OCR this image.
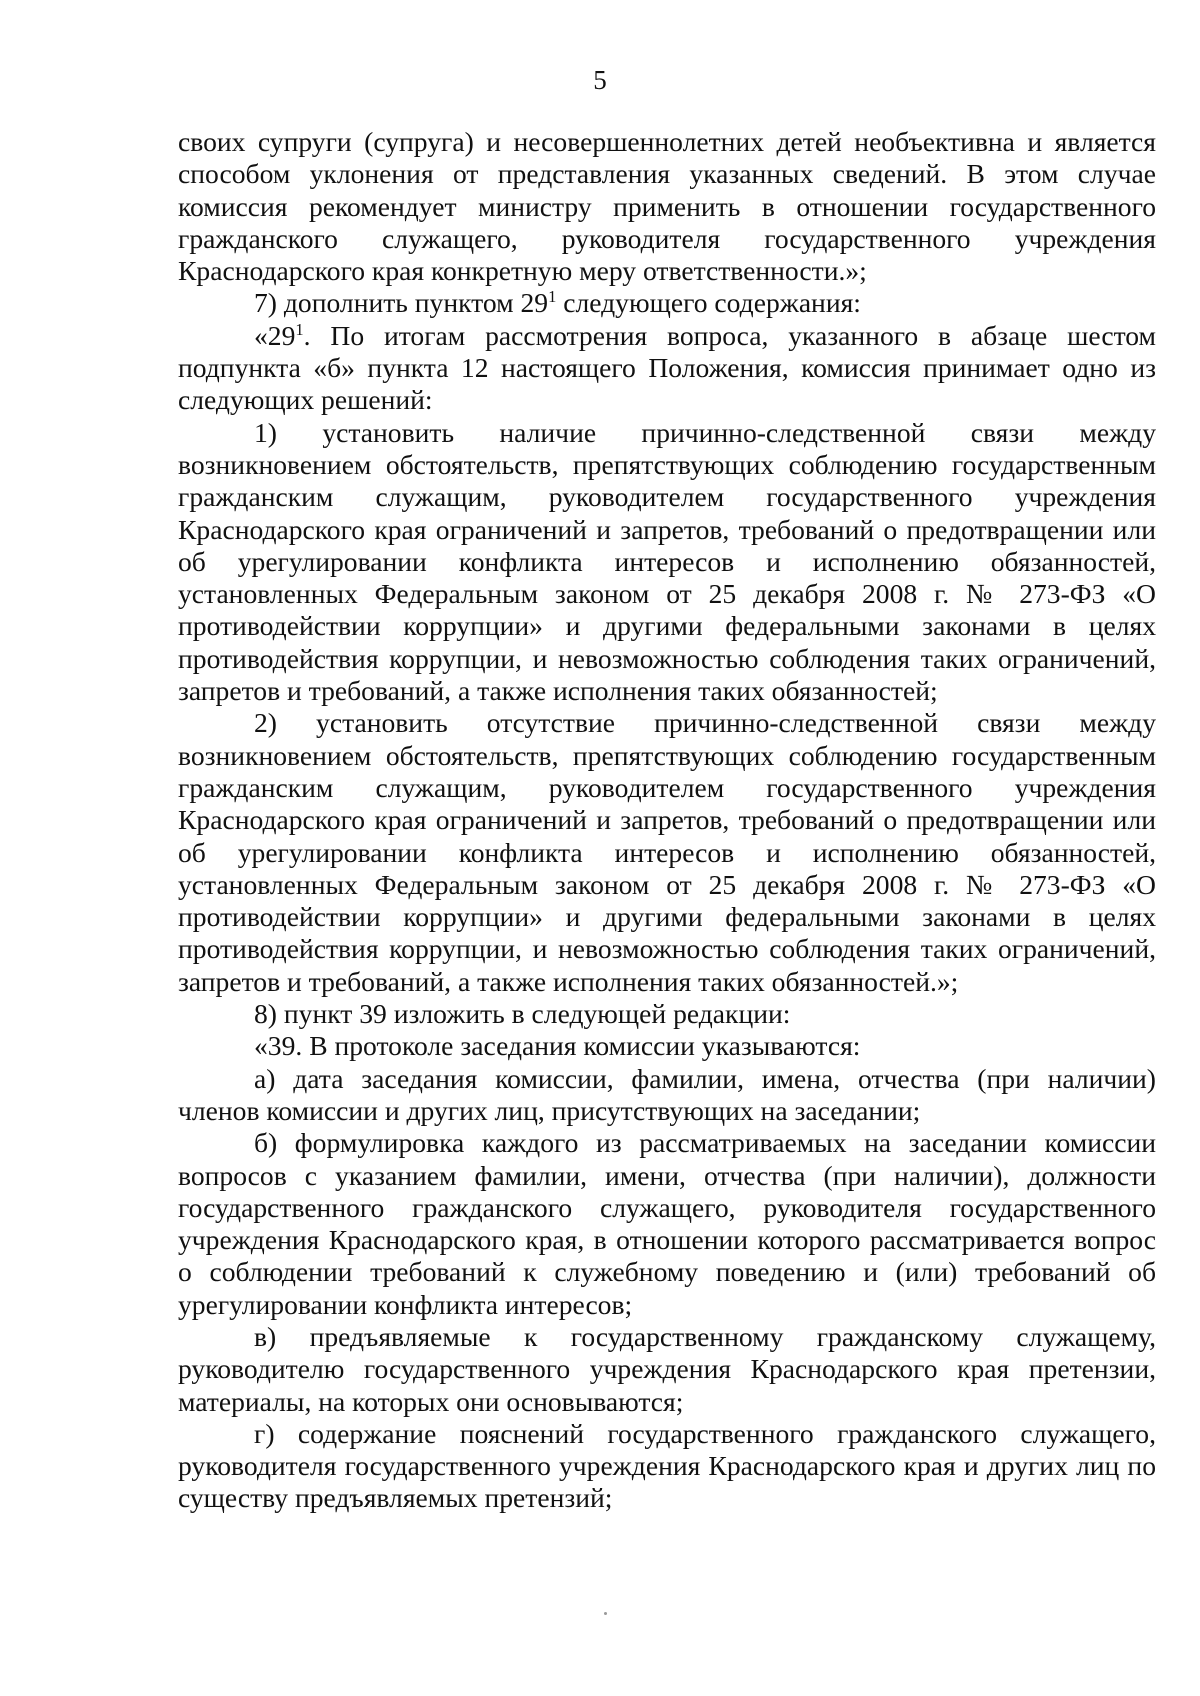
5

своих супруги (супруга) и несовершеннолетних детей необъективна и является способом уклонения от представления указанных сведений. В этом случае комиссия рекомендует министру применить в отношении государственного гражданского служащего, руководителя государственного учреждения Краснодарского края конкретную меру ответственности.»;

7) дополнить пунктом $29^1$ следующего содержания:

«$29^1$. По итогам рассмотрения вопроса, указанного в абзаце шестом подпункта «б» пункта 12 настоящего Положения, комиссия принимает одно из следующих решений:

1) установить наличие причинно-следственной связи между возникновением обстоятельств, препятствующих соблюдению государственным гражданским служащим, руководителем государственного учреждения Краснодарского края ограничений и запретов, требований о предотвращении или об урегулировании конфликта интересов и исполнению обязанностей, установленных Федеральным законом от 25 декабря 2008 г. № 273-ФЗ «О противодействии коррупции» и другими федеральными законами в целях противодействия коррупции, и невозможностью соблюдения таких ограничений, запретов и требований, а также исполнения таких обязанностей;

2) установить отсутствие причинно-следственной связи между возникновением обстоятельств, препятствующих соблюдению государственным гражданским служащим, руководителем государственного учреждения Краснодарского края ограничений и запретов, требований о предотвращении или об урегулировании конфликта интересов и исполнению обязанностей, установленных Федеральным законом от 25 декабря 2008 г. № 273-ФЗ «О противодействии коррупции» и другими федеральными законами в целях противодействия коррупции, и невозможностью соблюдения таких ограничений, запретов и требований, а также исполнения таких обязанностей.»;

8) пункт 39 изложить в следующей редакции:

«39. В протоколе заседания комиссии указываются:

а) дата заседания комиссии, фамилии, имена, отчества (при наличии) членов комиссии и других лиц, присутствующих на заседании;

б) формулировка каждого из рассматриваемых на заседании комиссии вопросов с указанием фамилии, имени, отчества (при наличии), должности государственного гражданского служащего, руководителя государственного учреждения Краснодарского края, в отношении которого рассматривается вопрос о соблюдении требований к служебному поведению и (или) требований об урегулировании конфликта интересов;

в) предъявляемые к государственному гражданскому служащему, руководителю государственного учреждения Краснодарского края претензии, материалы, на которых они основываются;

г) содержание пояснений государственного гражданского служащего, руководителя государственного учреждения Краснодарского края и других лиц по существу предъявляемых претензий;
